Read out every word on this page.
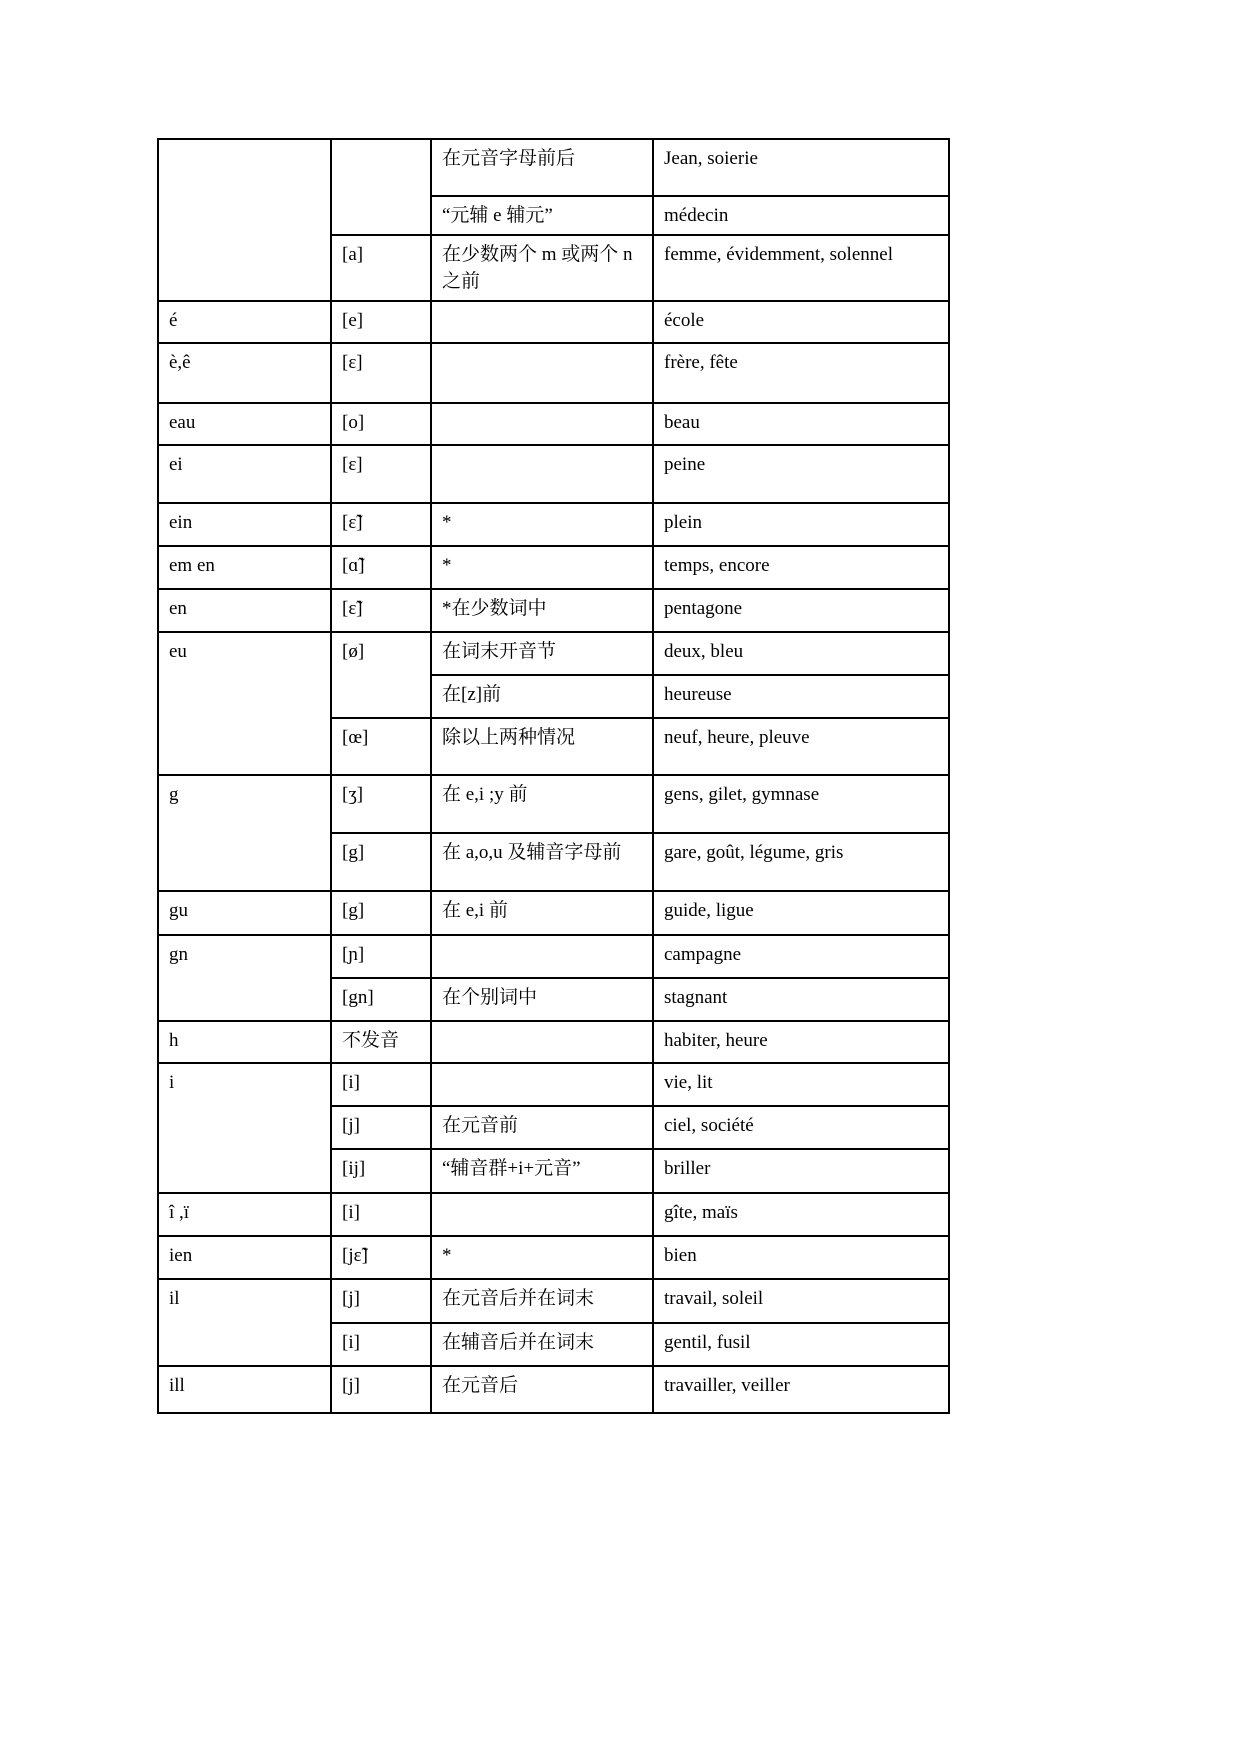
		在元音字母前后	Jean, soierie
		“元辅 e 辅元”	médecin
	[a]	在少数两个 m 或两个 n 之前	femme, évidemment, solennel
é	[e]		école
è,ê	[ɛ]		frère, fête
eau	[o]		beau
ei	[ɛ]		peine
ein	[ɛ̃]	*	plein
em en	[ɑ̃]	*	temps, encore
en	[ɛ̃]	*在少数词中	pentagone
eu	[ø]	在词末开音节	deux, bleu
		在[z]前	heureuse
	[œ]	除以上两种情况	neuf, heure, pleuve
g	[ʒ]	在 e,i ;y 前	gens, gilet, gymnase
	[g]	在 a,o,u 及辅音字母前	gare, goût, légume, gris
gu	[g]	在 e,i 前	guide, ligue
gn	[ɲ]		campagne
	[gn]	在个别词中	stagnant
h	不发音		habiter, heure
i	[i]		vie, lit
	[j]	在元音前	ciel, société
	[ij]	“辅音群+i+元音”	briller
î ,ï	[i]		gîte, maïs
ien	[jɛ̃]	*	bien
il	[j]	在元音后并在词末	travail, soleil
	[i]	在辅音后并在词末	gentil, fusil
ill	[j]	在元音后	travailler, veiller
